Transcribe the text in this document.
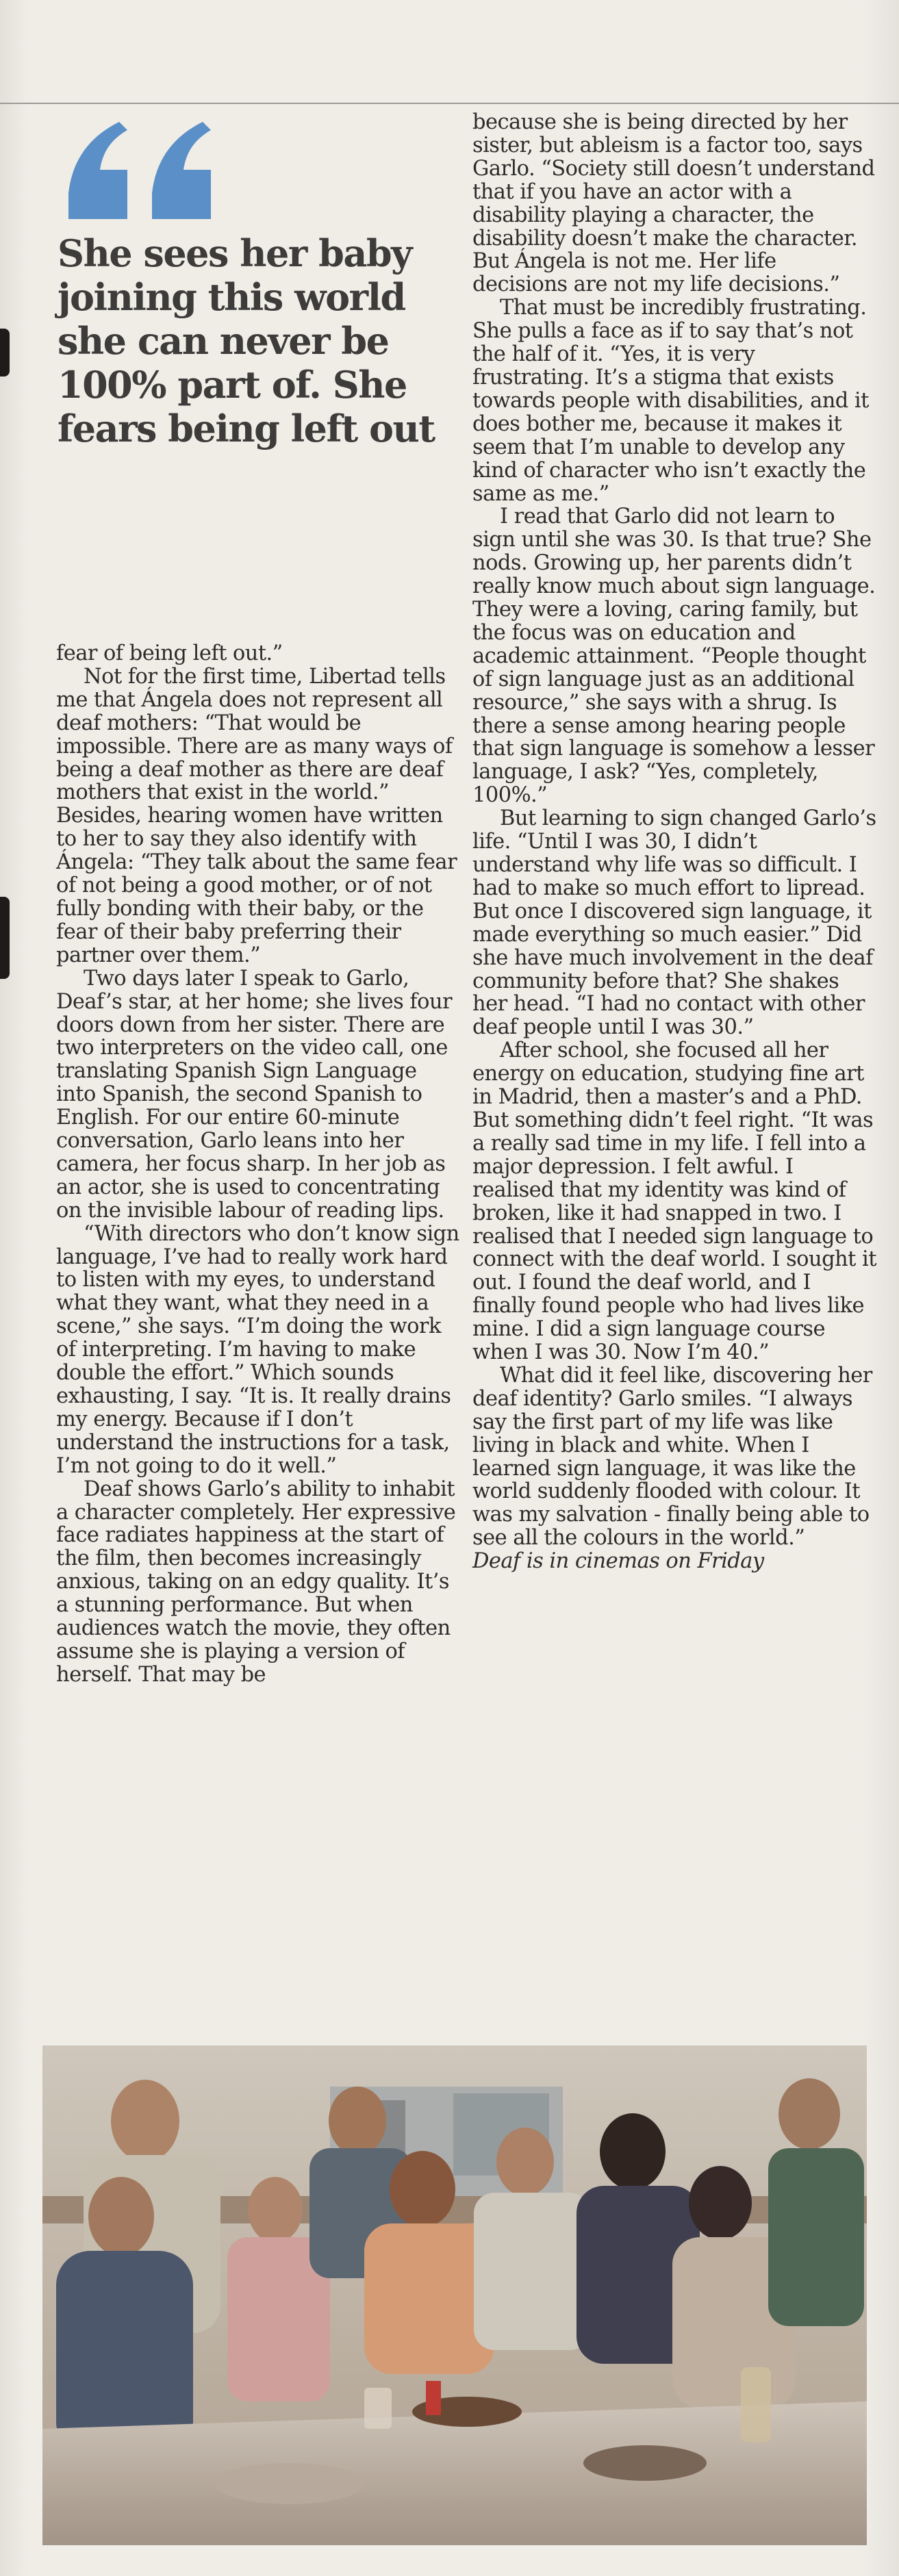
She sees her baby joining this world she can never be 100% part of. She fears being left out

fear of being left out.”

Not for the first time, Libertad tells me that Ángela does not represent all deaf mothers: “That would be impossible. There are as many ways of being a deaf mother as there are deaf mothers that exist in the world.” Besides, hearing women have written to her to say they also identify with Ángela: “They talk about the same fear of not being a good mother, or of not fully bonding with their baby, or the fear of their baby preferring their partner over them.”

Two days later I speak to Garlo, Deaf’s star, at her home; she lives four doors down from her sister. There are two interpreters on the video call, one translating Spanish Sign Language into Spanish, the second Spanish to English. For our entire 60-minute conversation, Garlo leans into her camera, her focus sharp. In her job as an actor, she is used to concentrating on the invisible labour of reading lips.

“With directors who don’t know sign language, I’ve had to really work hard to listen with my eyes, to understand what they want, what they need in a scene,” she says. “I’m doing the work of interpreting. I’m having to make double the effort.” Which sounds exhausting, I say. “It is. It really drains my energy. Because if I don’t understand the instructions for a task, I’m not going to do it well.”

Deaf shows Garlo’s ability to inhabit a character completely. Her expressive face radiates happiness at the start of the film, then becomes increasingly anxious, taking on an edgy quality. It’s a stunning performance. But when audiences watch the movie, they often assume she is playing a version of herself. That may be

because she is being directed by her sister, but ableism is a factor too, says Garlo. “Society still doesn’t understand that if you have an actor with a disability playing a character, the disability doesn’t make the character. But Ángela is not me. Her life decisions are not my life decisions.”

That must be incredibly frustrating. She pulls a face as if to say that’s not the half of it. “Yes, it is very frustrating. It’s a stigma that exists towards people with disabilities, and it does bother me, because it makes it seem that I’m unable to develop any kind of character who isn’t exactly the same as me.”

I read that Garlo did not learn to sign until she was 30. Is that true? She nods. Growing up, her parents didn’t really know much about sign language. They were a loving, caring family, but the focus was on education and academic attainment. “People thought of sign language just as an additional resource,” she says with a shrug. Is there a sense among hearing people that sign language is somehow a lesser language, I ask? “Yes, completely, 100%.”

But learning to sign changed Garlo’s life. “Until I was 30, I didn’t understand why life was so difficult. I had to make so much effort to lipread. But once I discovered sign language, it made everything so much easier.” Did she have much involvement in the deaf community before that? She shakes her head. “I had no contact with other deaf people until I was 30.”

After school, she focused all her energy on education, studying fine art in Madrid, then a master’s and a PhD. But something didn’t feel right. “It was a really sad time in my life. I fell into a major depression. I felt awful. I realised that my identity was kind of broken, like it had snapped in two. I realised that I needed sign language to connect with the deaf world. I sought it out. I found the deaf world, and I finally found people who had lives like mine. I did a sign language course when I was 30. Now I’m 40.”

What did it feel like, discovering her deaf identity? Garlo smiles. “I always say the first part of my life was like living in black and white. When I learned sign language, it was like the world suddenly flooded with colour. It was my salvation - finally being able to see all the colours in the world.”

Deaf is in cinemas on Friday
